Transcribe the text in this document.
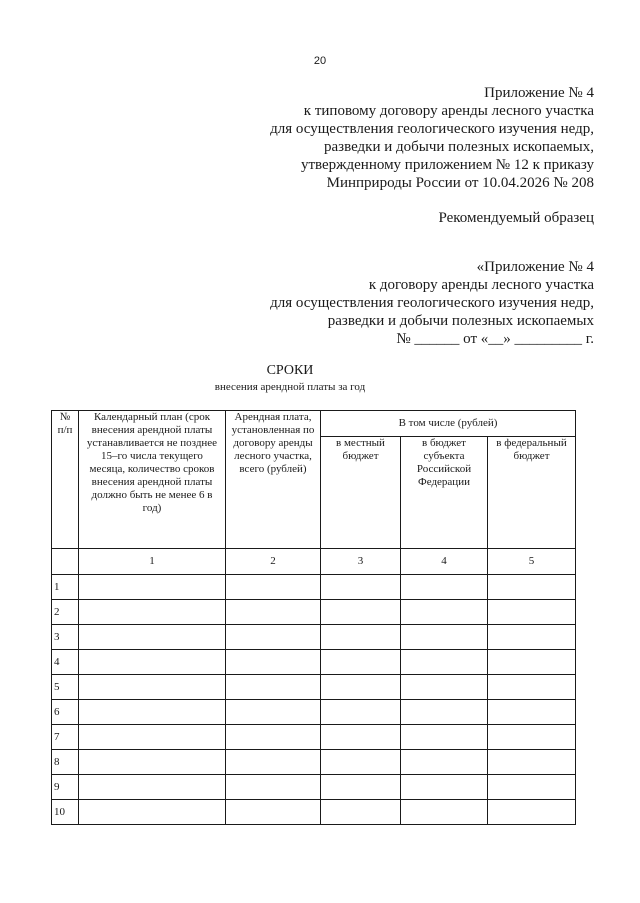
20
Приложение № 4
к типовому договору аренды лесного участка
для осуществления геологического изучения недр,
разведки и добычи полезных ископаемых,
утвержденному приложением № 12 к приказу
Минприроды России от 10.04.2026 № 208
Рекомендуемый образец
«Приложение № 4
к договору аренды лесного участка
для осуществления геологического изучения недр,
разведки и добычи полезных ископаемых
№ ______ от «__» _________ г.
СРОКИ
внесения арендной платы за год
№ п/п	Календарный план (срок внесения арендной платы устанавливается не позднее 15–го числа текущего месяца, количество сроков внесения арендной платы должно быть не менее 6 в год)	Арендная плата, установленная по договору аренды лесного участка, всего (рублей)	В том числе (рублей)		
			в местный бюджет	в бюджет субъекта Российской Федерации	в федеральный бюджет
	1	2	3	4	5
1					
2					
3					
4					
5					
6					
7					
8					
9					
10					
